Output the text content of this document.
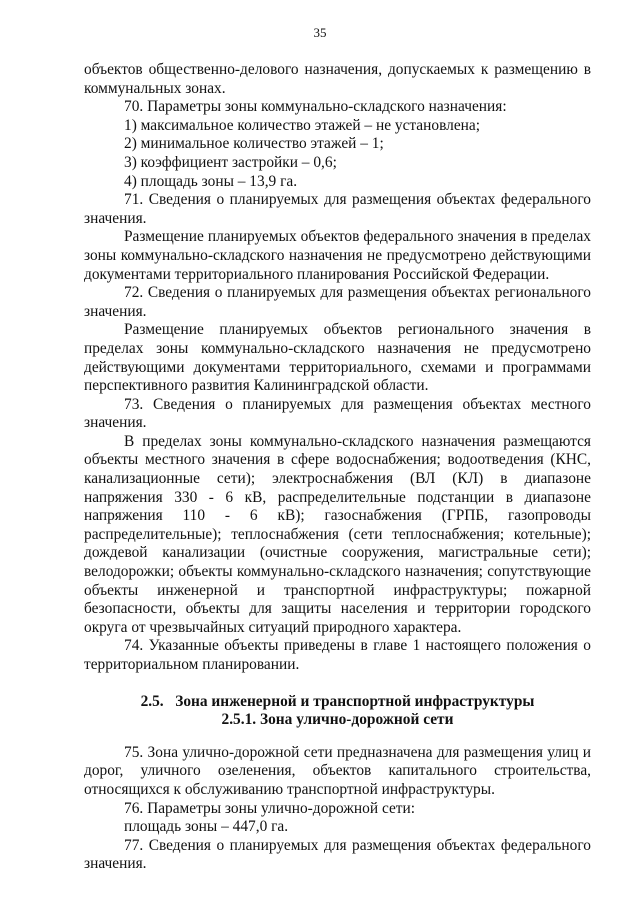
35

объектов общественно-делового назначения, допускаемых к размещению в коммунальных зонах.

70. Параметры зоны коммунально-складского назначения:

1) максимальное количество этажей – не установлена;

2) минимальное количество этажей – 1;

3) коэффициент застройки – 0,6;

4) площадь зоны – 13,9 га.

71. Сведения о планируемых для размещения объектах федерального значения.

Размещение планируемых объектов федерального значения в пределах зоны коммунально-складского назначения не предусмотрено действующими документами территориального планирования Российской Федерации.

72. Сведения о планируемых для размещения объектах регионального значения.

Размещение планируемых объектов регионального значения в пределах зоны коммунально-складского назначения не предусмотрено действующими документами территориального, схемами и программами перспективного развития Калининградской области.

73. Сведения о планируемых для размещения объектах местного значения.

В пределах зоны коммунально-складского назначения размещаются объекты местного значения в сфере водоснабжения; водоотведения (КНС, канализационные сети); электроснабжения (ВЛ (КЛ) в диапазоне напряжения 330 - 6 кВ, распределительные подстанции в диапазоне напряжения 110 - 6 кВ); газоснабжения (ГРПБ, газопроводы распределительные); теплоснабжения (сети теплоснабжения; котельные); дождевой канализации (очистные сооружения, магистральные сети); велодорожки; объекты коммунально-складского назначения; сопутствующие объекты инженерной и транспортной инфраструктуры; пожарной безопасности, объекты для защиты населения и территории городского округа от чрезвычайных ситуаций природного характера.

74. Указанные объекты приведены в главе 1 настоящего положения о территориальном планировании.

2.5.   Зона инженерной и транспортной инфраструктуры

2.5.1. Зона улично-дорожной сети

75. Зона улично-дорожной сети предназначена для размещения улиц и дорог, уличного озеленения, объектов капитального строительства, относящихся к обслуживанию транспортной инфраструктуры.

76. Параметры зоны улично-дорожной сети:

площадь зоны – 447,0 га.

77. Сведения о планируемых для размещения объектах федерального значения.
